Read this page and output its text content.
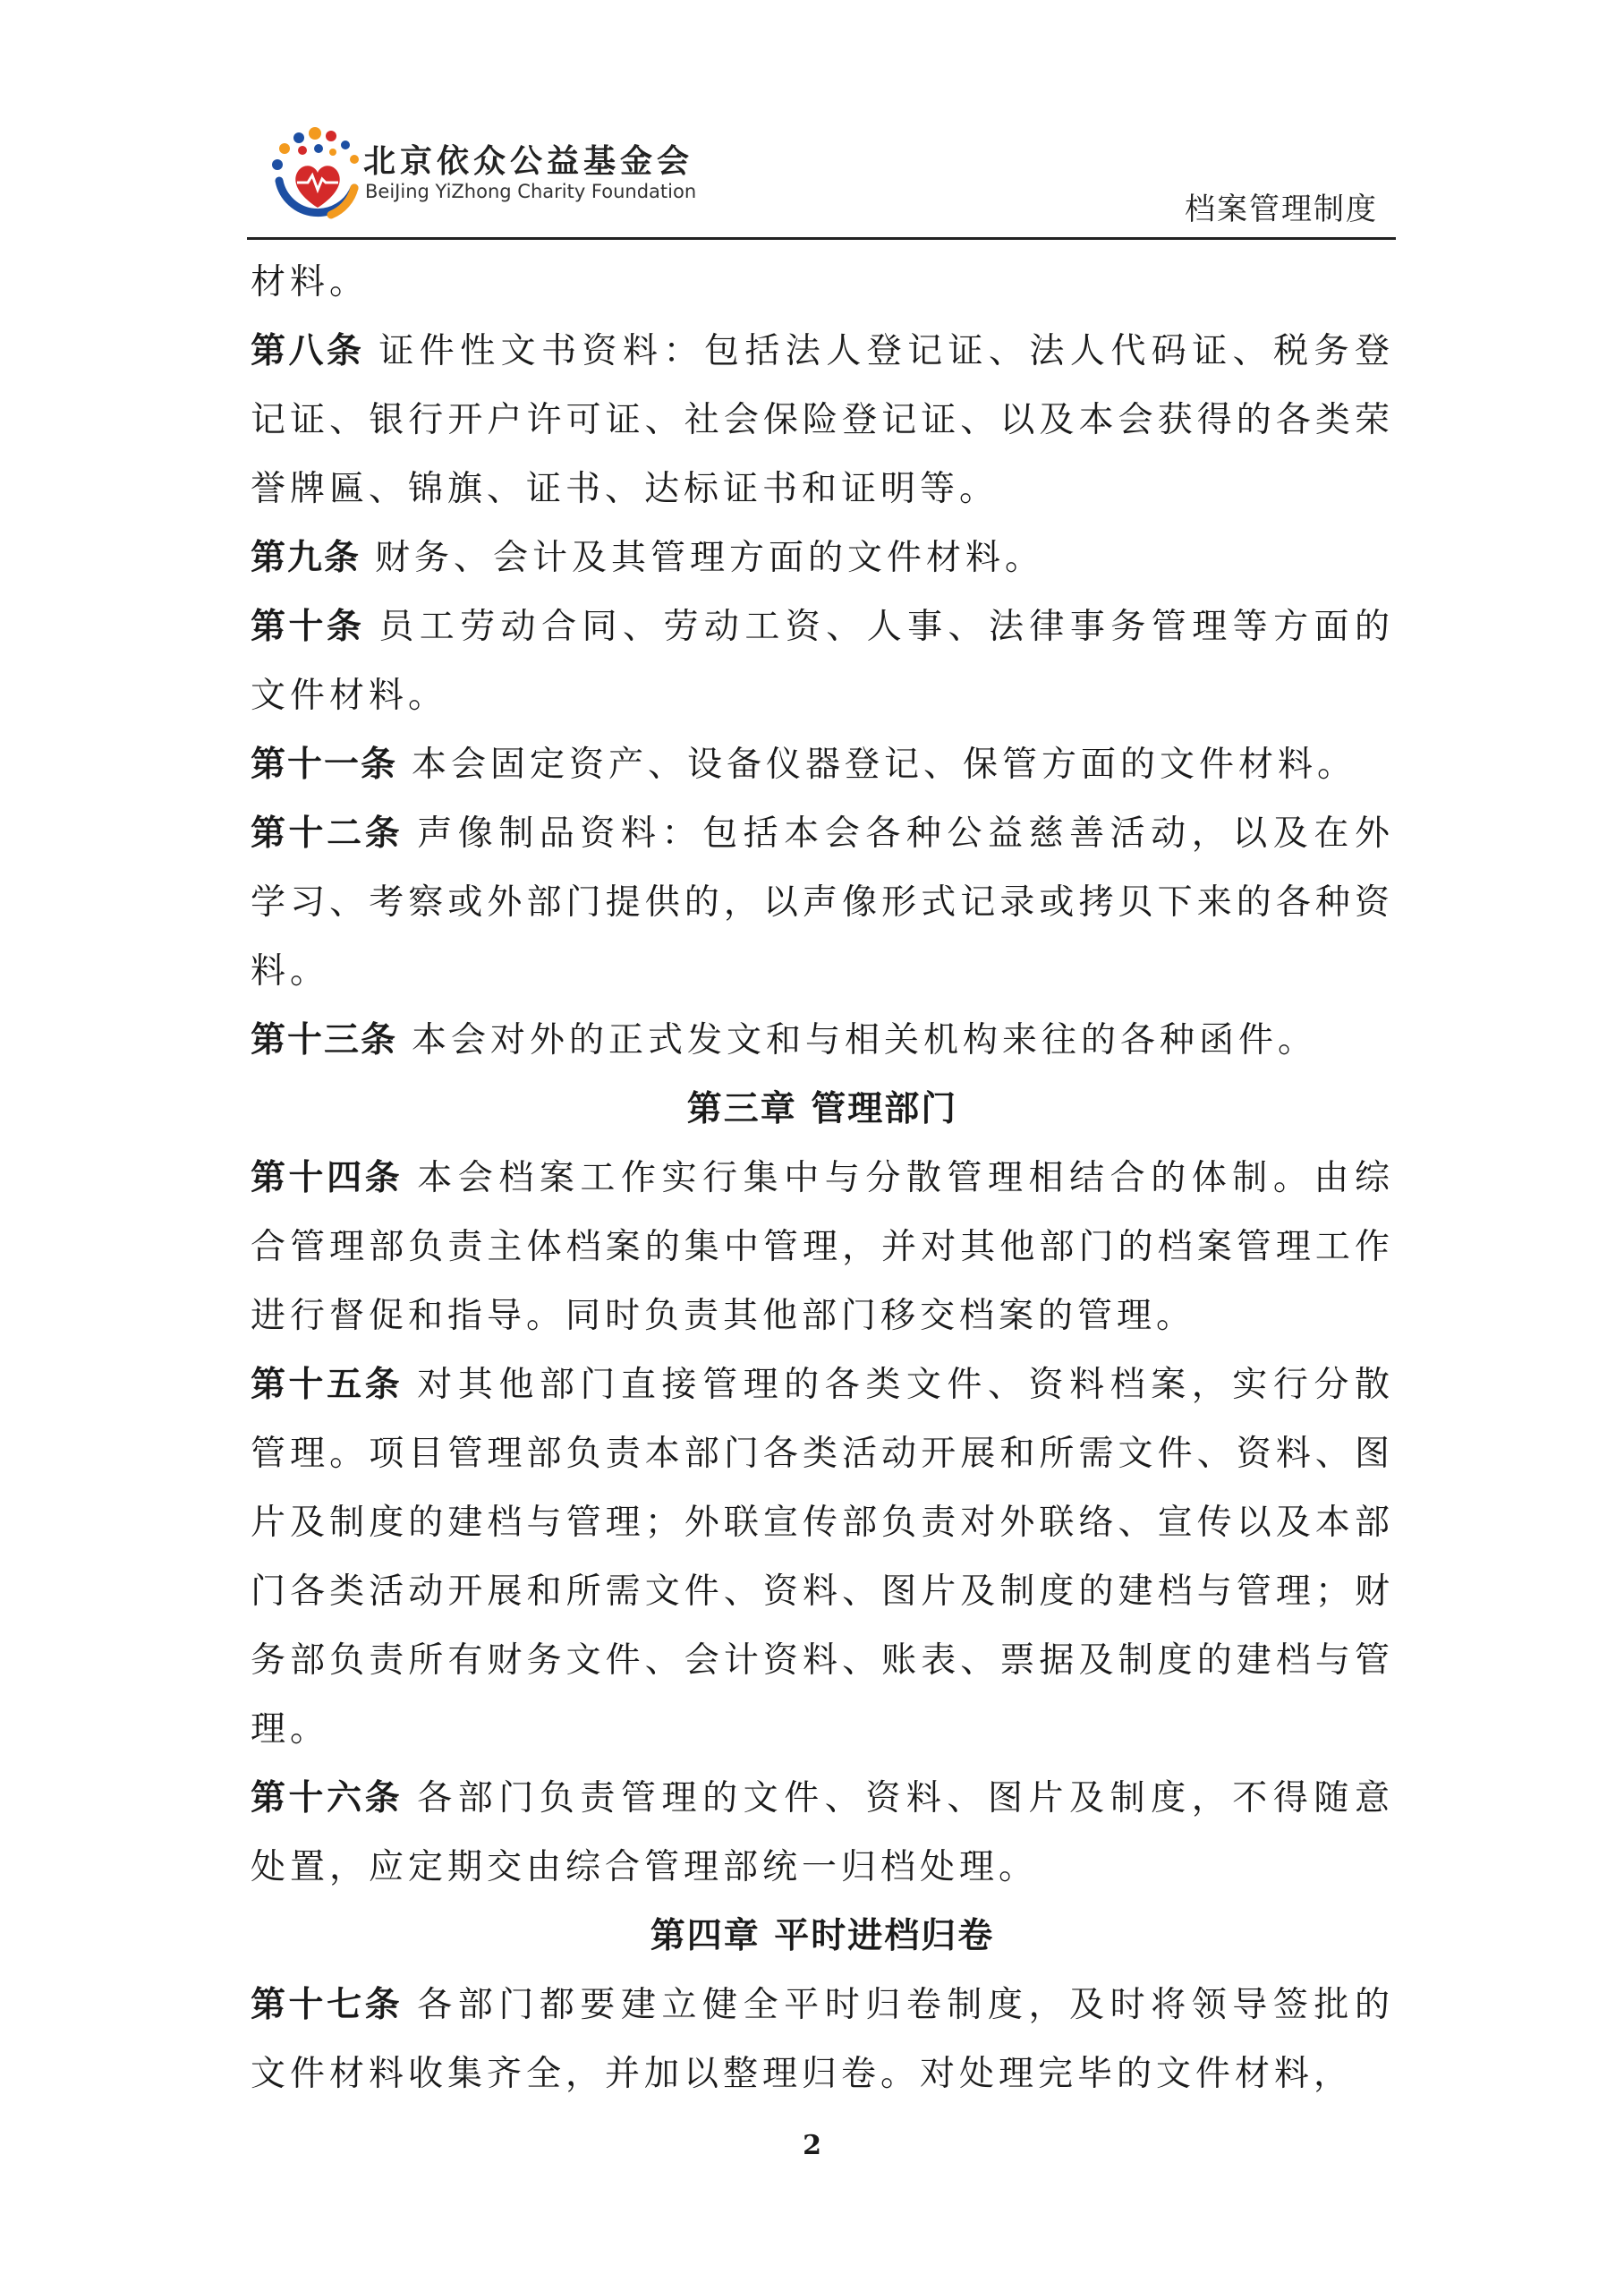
北京依众公益基金会
BeiJing YiZhong Charity Foundation	档案管理制度

材料。

第八条 证件性文书资料：包括法人登记证、法人代码证、税务登记证、银行开户许可证、社会保险登记证、以及本会获得的各类荣誉牌匾、锦旗、证书、达标证书和证明等。

第九条 财务、会计及其管理方面的文件材料。

第十条 员工劳动合同、劳动工资、人事、法律事务管理等方面的文件材料。

第十一条 本会固定资产、设备仪器登记、保管方面的文件材料。

第十二条 声像制品资料：包括本会各种公益慈善活动，以及在外学习、考察或外部门提供的，以声像形式记录或拷贝下来的各种资料。

第十三条 本会对外的正式发文和与相关机构来往的各种函件。

第三章 管理部门

第十四条 本会档案工作实行集中与分散管理相结合的体制。由综合管理部负责主体档案的集中管理，并对其他部门的档案管理工作进行督促和指导。同时负责其他部门移交档案的管理。

第十五条 对其他部门直接管理的各类文件、资料档案，实行分散管理。项目管理部负责本部门各类活动开展和所需文件、资料、图片及制度的建档与管理；外联宣传部负责对外联络、宣传以及本部门各类活动开展和所需文件、资料、图片及制度的建档与管理；财务部负责所有财务文件、会计资料、账表、票据及制度的建档与管理。

第十六条 各部门负责管理的文件、资料、图片及制度，不得随意处置，应定期交由综合管理部统一归档处理。

第四章 平时进档归卷

第十七条 各部门都要建立健全平时归卷制度，及时将领导签批的文件材料收集齐全，并加以整理归卷。对处理完毕的文件材料，

2
